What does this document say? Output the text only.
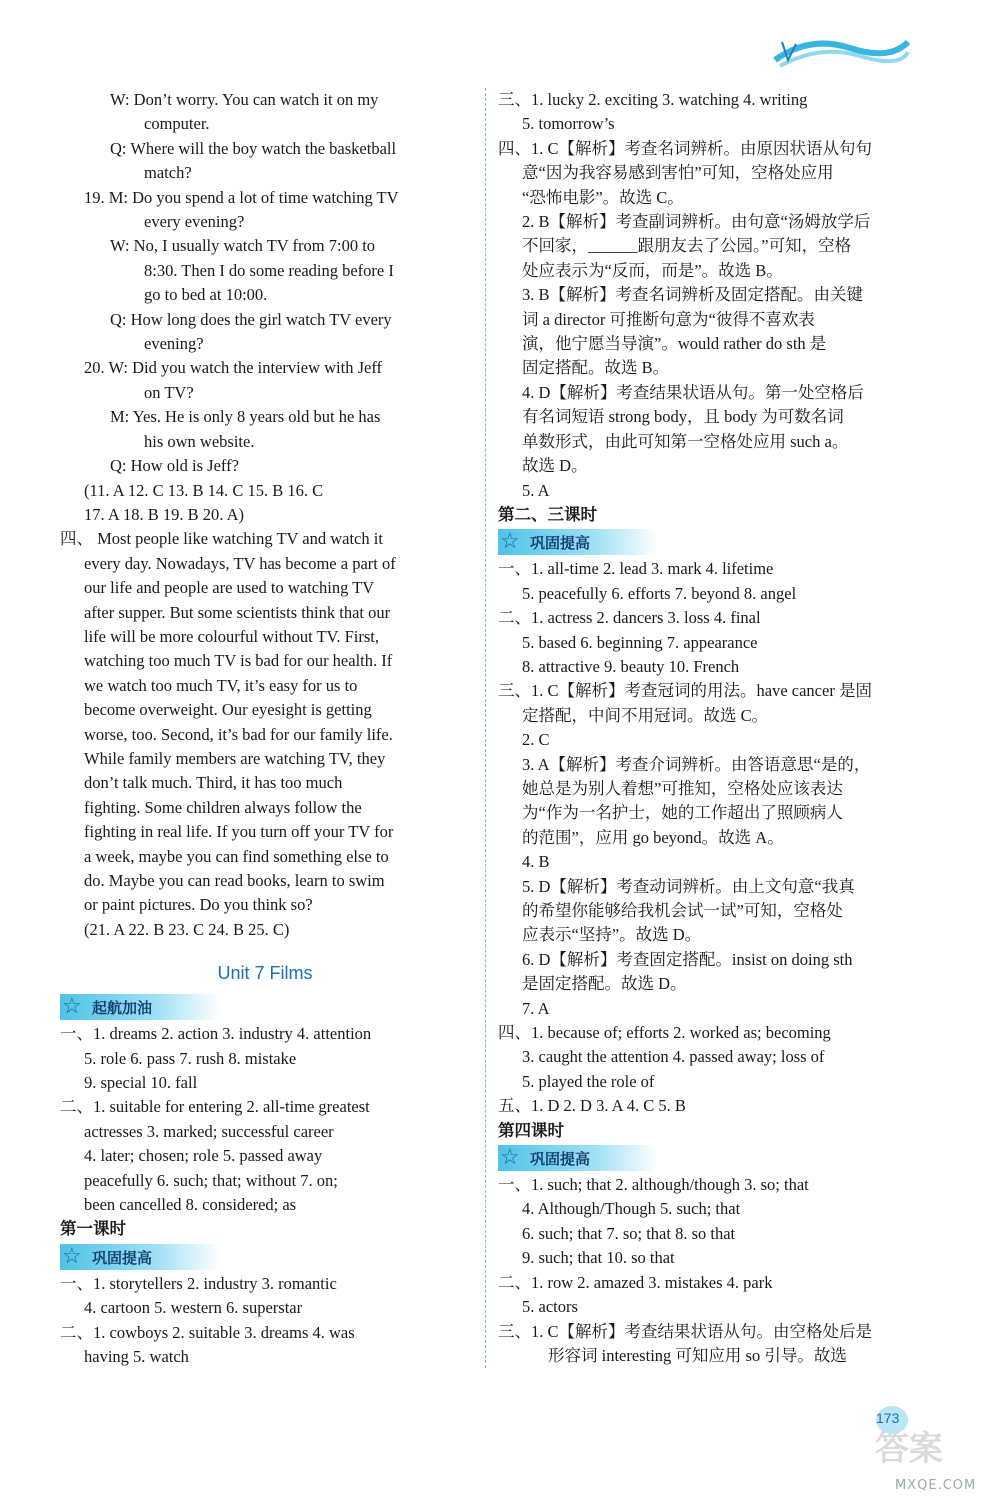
W: Don’t worry. You can watch it on my
computer.
Q: Where will the boy watch the basketball
match?
19. M: Do you spend a lot of time watching TV
every evening?
W: No, I usually watch TV from 7:00 to
8:30. Then I do some reading before I
go to bed at 10:00.
Q: How long does the girl watch TV every
evening?
20. W: Did you watch the interview with Jeff
on TV?
M: Yes. He is only 8 years old but he has
his own website.
Q: How old is Jeff?
(11. A 12. C 13. B 14. C 15. B 16. C
17. A 18. B 19. B 20. A)
四、 Most people like watching TV and watch it
every day. Nowadays, TV has become a part of
our life and people are used to watching TV
after supper. But some scientists think that our
life will be more colourful without TV. First,
watching too much TV is bad for our health. If
we watch too much TV, it’s easy for us to
become overweight. Our eyesight is getting
worse, too. Second, it’s bad for our family life.
While family members are watching TV, they
don’t talk much. Third, it has too much
fighting. Some children always follow the
fighting in real life. If you turn off your TV for
a week, maybe you can find something else to
do. Maybe you can read books, learn to swim
or paint pictures. Do you think so?
(21. A 22. B 23. C 24. B 25. C)
Unit 7 Films
☆ 起航加油
一、1. dreams 2. action 3. industry 4. attention
5. role 6. pass 7. rush 8. mistake
9. special 10. fall
二、1. suitable for entering 2. all-time greatest
actresses 3. marked; successful career
4. later; chosen; role 5. passed away
peacefully 6. such; that; without 7. on;
been cancelled 8. considered; as
第一课时
☆ 巩固提高
一、1. storytellers 2. industry 3. romantic
4. cartoon 5. western 6. superstar
二、1. cowboys 2. suitable 3. dreams 4. was
having 5. watch
三、1. lucky 2. exciting 3. watching 4. writing
5. tomorrow’s
四、1. C【解析】考查名词辨析。由原因状语从句句
意“因为我容易感到害怕”可知，空格处应用
“恐怖电影”。故选 C。
2. B【解析】考查副词辨析。由句意“汤姆放学后
不回家，______跟朋友去了公园。”可知，空格
处应表示为“反而，而是”。故选 B。
3. B【解析】考查名词辨析及固定搭配。由关键
词 a director 可推断句意为“彼得不喜欢表
演，他宁愿当导演”。would rather do sth 是
固定搭配。故选 B。
4. D【解析】考查结果状语从句。第一处空格后
有名词短语 strong body，且 body 为可数名词
单数形式，由此可知第一空格处应用 such a。
故选 D。
5. A
第二、三课时
☆ 巩固提高
一、1. all-time 2. lead 3. mark 4. lifetime
5. peacefully 6. efforts 7. beyond 8. angel
二、1. actress 2. dancers 3. loss 4. final
5. based 6. beginning 7. appearance
8. attractive 9. beauty 10. French
三、1. C【解析】考查冠词的用法。have cancer 是固
定搭配，中间不用冠词。故选 C。
2. C
3. A【解析】考查介词辨析。由答语意思“是的，
她总是为别人着想”可推知，空格处应该表达
为“作为一名护士，她的工作超出了照顾病人
的范围”，应用 go beyond。故选 A。
4. B
5. D【解析】考查动词辨析。由上文句意“我真
的希望你能够给我机会试一试”可知，空格处
应表示“坚持”。故选 D。
6. D【解析】考查固定搭配。insist on doing sth
是固定搭配。故选 D。
7. A
四、1. because of; efforts 2. worked as; becoming
3. caught the attention 4. passed away; loss of
5. played the role of
五、1. D 2. D 3. A 4. C 5. B
第四课时
☆ 巩固提高
一、1. such; that 2. although/though 3. so; that
4. Although/Though 5. such; that
6. such; that 7. so; that 8. so that
9. such; that 10. so that
二、1. row 2. amazed 3. mistakes 4. park
5. actors
三、1. C【解析】考查结果状语从句。由空格处后是
形容词 interesting 可知应用 so 引导。故选
答案
173
MXQE.COM
